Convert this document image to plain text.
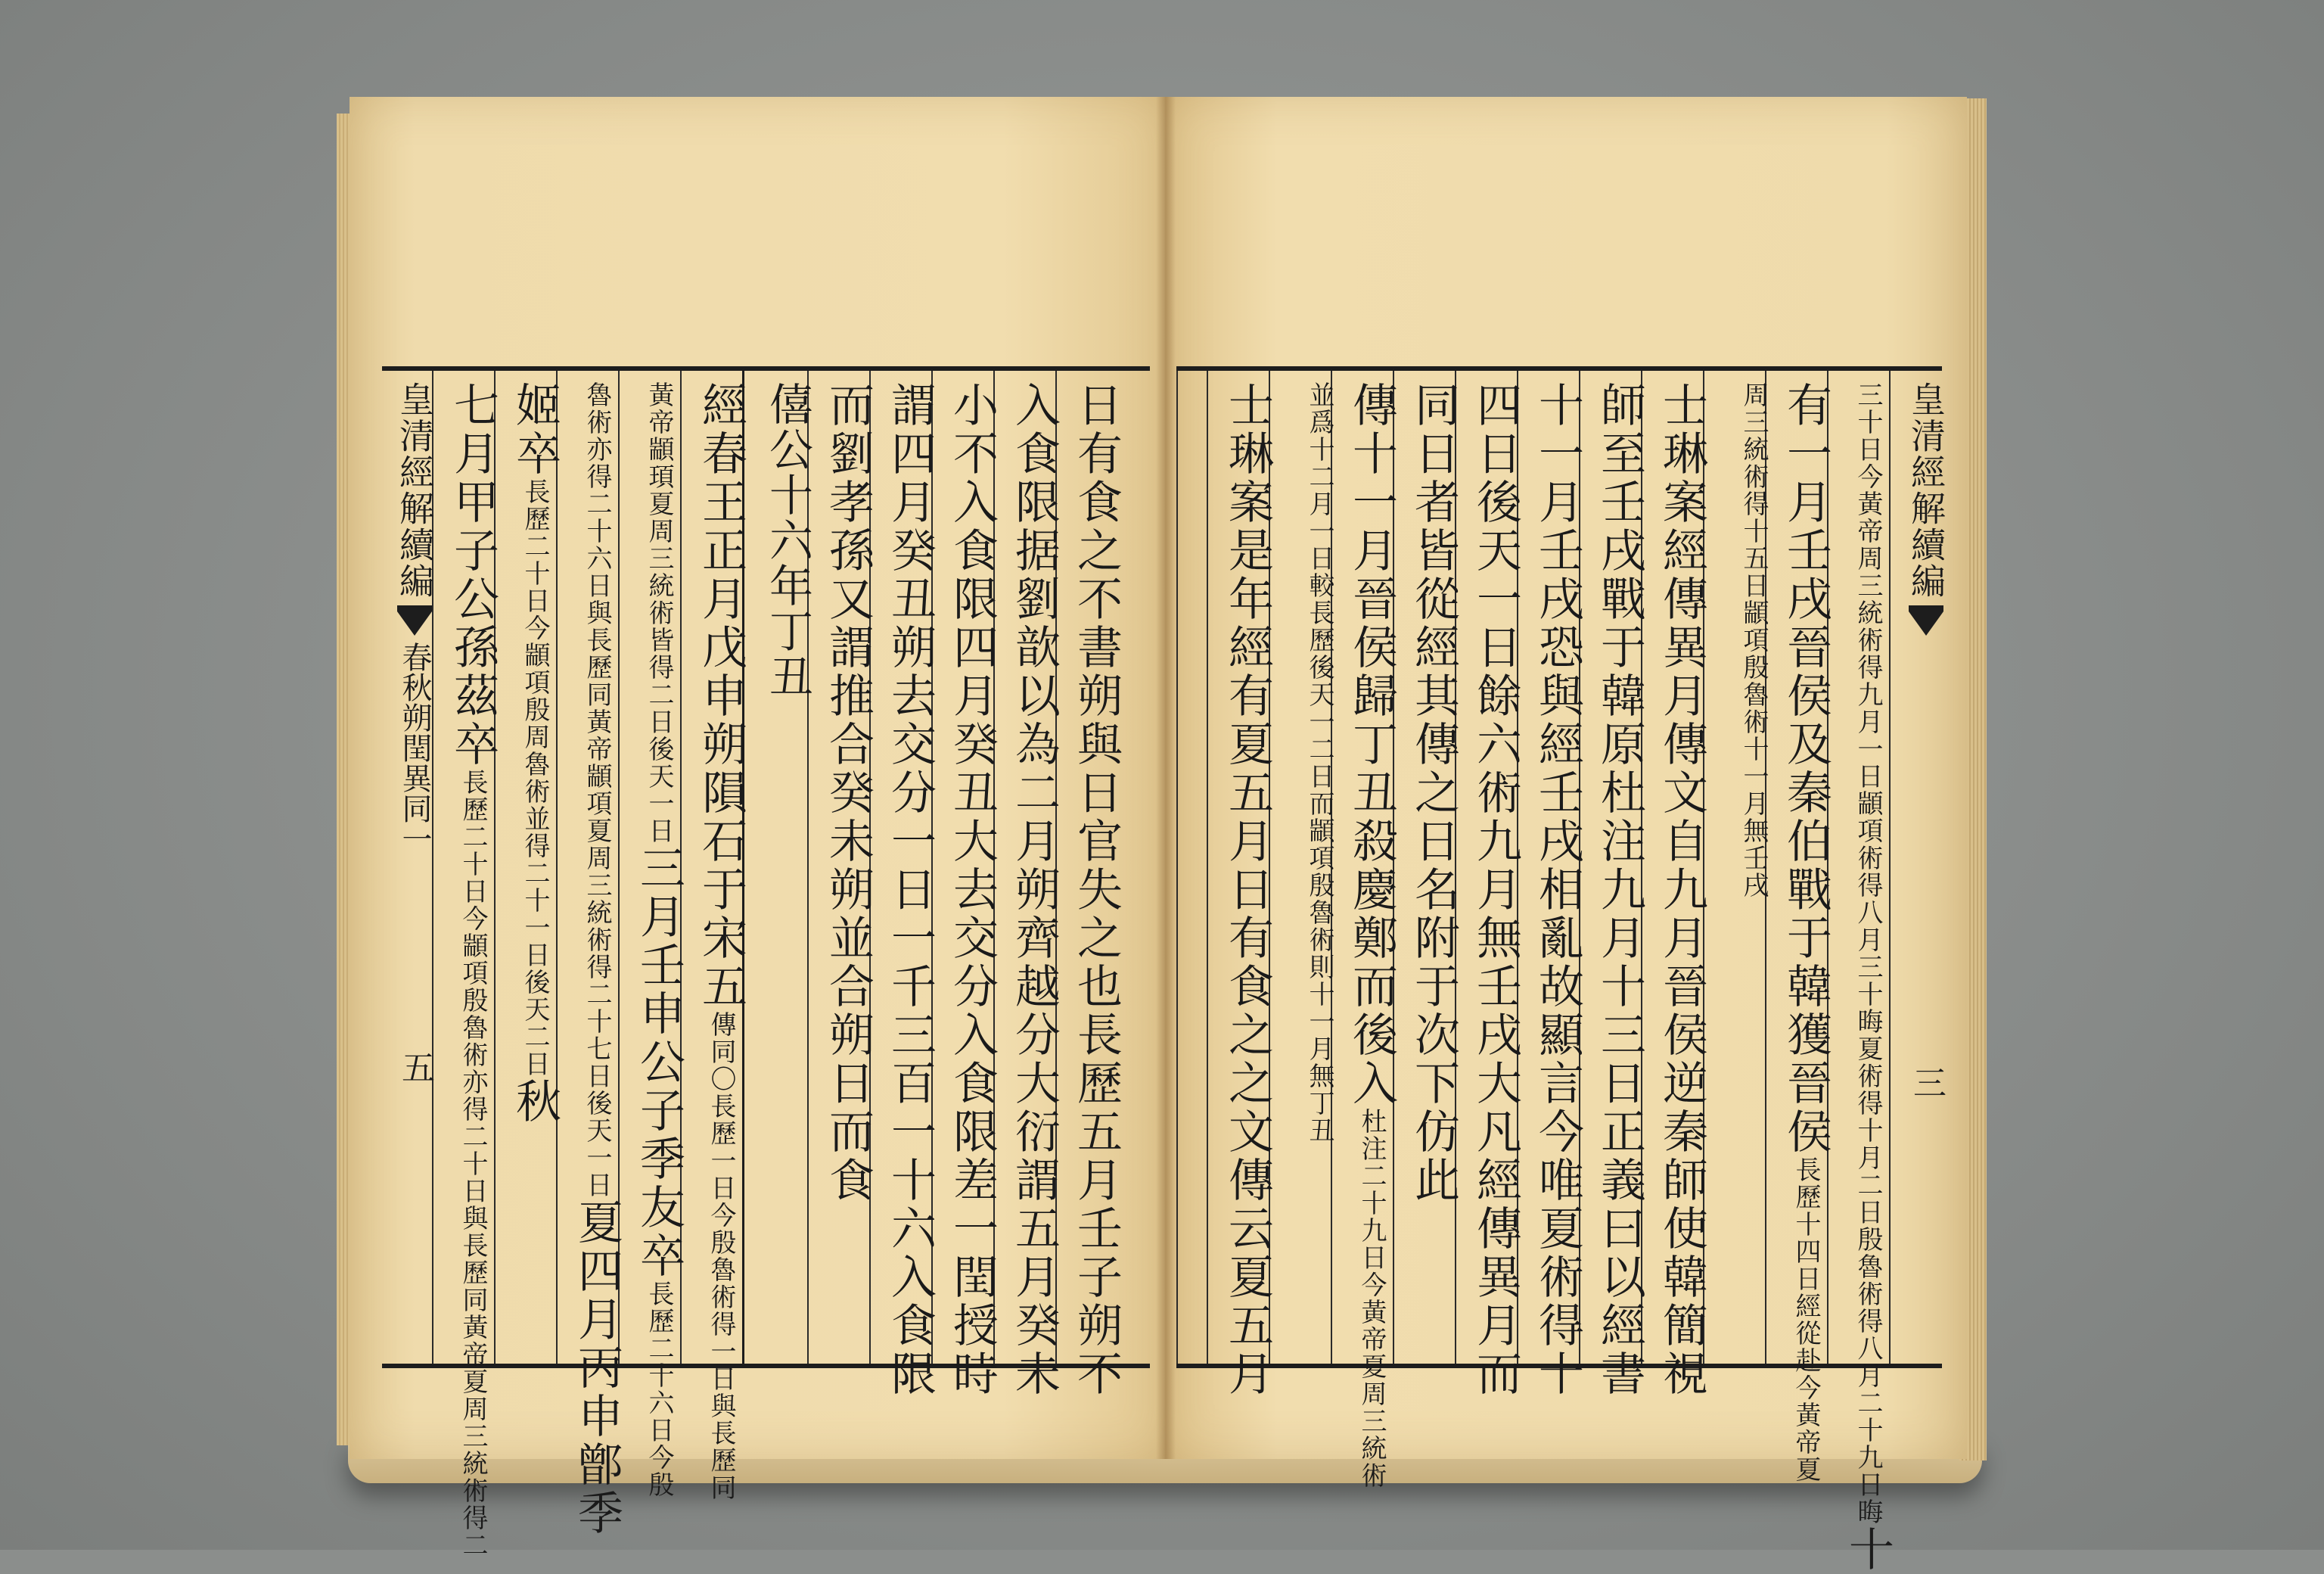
日有食之不書朔與日官失之也長歷五月壬子朔不
入食限据劉歆以為二月朔齊越分大衍謂五月癸未
小不入食限四月癸丑大去交分入食限差一閏授時
謂四月癸丑朔去交分一日一千三百一十六入食限
而劉孝孫又謂推合癸未朔並合朔日而食
僖公十六年丁丑
經春王正月戊申朔隕石于宋五傳同〇長歷一日今殷魯術得一日與長歷同
黃帝顓頊夏周三統術皆得二日後天一日三月壬申公子季友卒長歷二十六日今殷
魯術亦得二十六日與長歷同黃帝顓項夏周三統術得二十七日後天一日夏四月丙申鄫季
姬卒長歷二十日今顓項殷周魯術並得二十一日後天二日秋
七月甲子公孫茲卒長歷二十日今顓項殷魯術亦得二十日與長歷同黃帝夏周三統術得二
皇清經解續編春秋朔閏異同一五
皇清經解續編三
三十日今黃帝周三統術得九月一日顓項術得八月三十晦夏術得十月二日殷魯術得八月二十九日晦十
有一月壬戌晉侯及秦伯戰于韓獲晉侯長歷十四日經從赴今黃帝夏
周三統術得十五日顓項殷魯術十一月無壬戌
士琳案經傳異月傳文自九月晉侯逆秦師使韓簡視
師至壬戌戰于韓原杜注九月十三日正義曰以經書
十一月壬戌恐與經壬戌相亂故顯言今唯夏術得十
四日後天一日餘六術九月無壬戌大凡經傳異月而
同日者皆從經其傳之日名附于次下仿此
傳十一月晉侯歸丁丑殺慶鄭而後入杜注二十九日今黃帝夏周三統術
並爲十二月一日較長歷後天一二日而顓項殷魯術則十一月無丁丑
士琳案是年經有夏五月日有食之之文傳云夏五月
